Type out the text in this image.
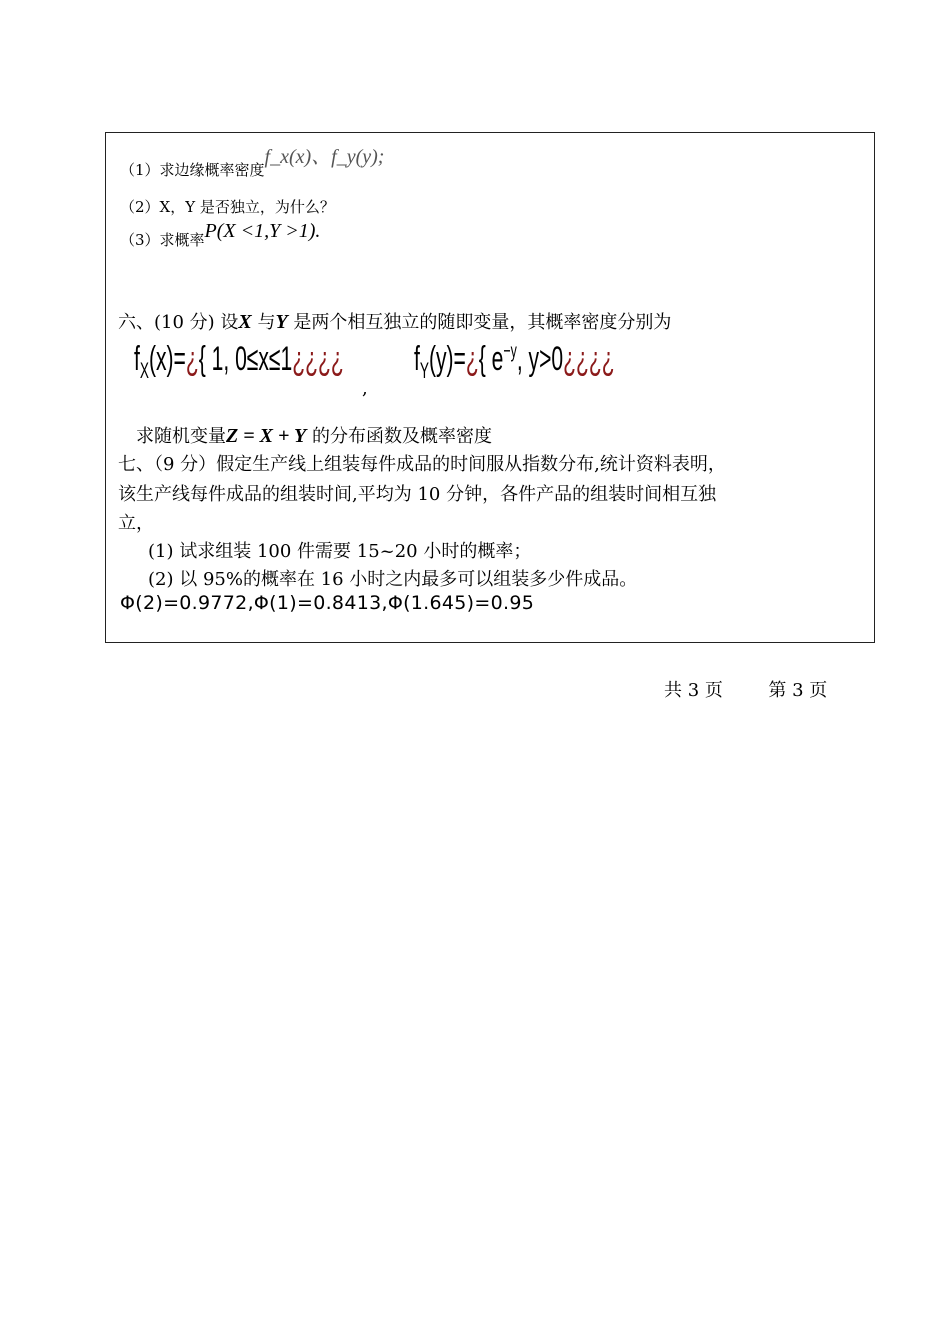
（1）求边缘概率密度f_x(x)、f_y(y);
（2）X，Y 是否独立，为什么？
（3）求概率P(X <1,Y >1).
六、(10 分) 设X 与Y 是两个相互独立的随即变量，其概率密度分别为
$f_X(x)=¿${ 1, 0≤x≤1¿¿¿¿
,
$f_Y(y)=¿${ $e^{-y}$, y>0¿¿¿¿
求随机变量Z = X + Y 的分布函数及概率密度
七、（9 分）假定生产线上组装每件成品的时间服从指数分布,统计资料表明，
该生产线每件成品的组装时间,平均为 10 分钟，各件产品的组装时间相互独
立，
(1) 试求组装 100 件需要 15~20 小时的概率；
(2) 以 95%的概率在 16 小时之内最多可以组装多少件成品。
Φ(2)=0.9772,Φ(1)=0.8413,Φ(1.645)=0.95
共 3 页	第 3 页
